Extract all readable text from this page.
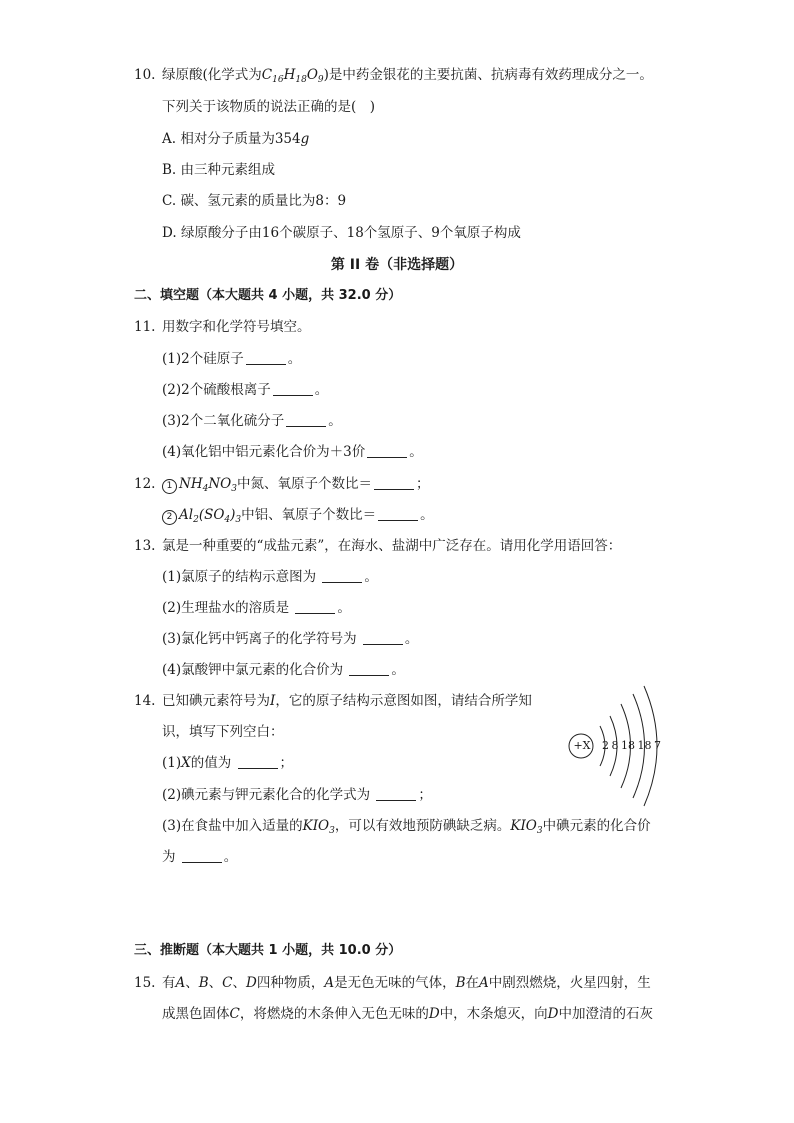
10. 绿原酸(化学式为$C_{16}H_{18}O_9$)是中药金银花的主要抗菌、抗病毒有效药理成分之一。
下列关于该物质的说法正确的是(　)
A. 相对分子质量为354g
B. 由三种元素组成
C. 碳、氢元素的质量比为8：9
D. 绿原酸分子由16个碳原子、18个氢原子、9个氧原子构成
第 II 卷（非选择题）
二、填空题（本大题共 4 小题，共 32.0 分）
11. 用数字和化学符号填空。
(1)2个硅原子	。
(2)2个硫酸根离子	。
(3)2个二氧化硫分子	。
(4)氧化铝中铝元素化合价为＋3价	。
12.	1 $NH_4NO_3$中氮、氧原子个数比＝	；
2 $Al_2(SO_4)_3$中铝、氧原子个数比＝	。
13. 氯是一种重要的“成盐元素”，在海水、盐湖中广泛存在。请用化学用语回答：
(1)氯原子的结构示意图为	。
(2)生理盐水的溶质是	。
(3)氯化钙中钙离子的化学符号为	。
(4)氯酸钾中氯元素的化合价为	。
14. 已知碘元素符号为I，它的原子结构示意图如图，请结合所学知
识，填写下列空白：
(1)X的值为	；
(2)碘元素与钾元素化合的化学式为	；
(3)在食盐中加入适量的$KIO_3$，可以有效地预防碘缺乏病。$KIO_3$中碘元素的化合价
为	。
+X	2 8 18 18 7
三、推断题（本大题共 1 小题，共 10.0 分）
15. 有A、B、C、D四种物质，A是无色无味的气体，B在A中剧烈燃烧，火星四射，生
成黑色固体C，将燃烧的木条伸入无色无味的D中，木条熄灭，向D中加澄清的石灰
